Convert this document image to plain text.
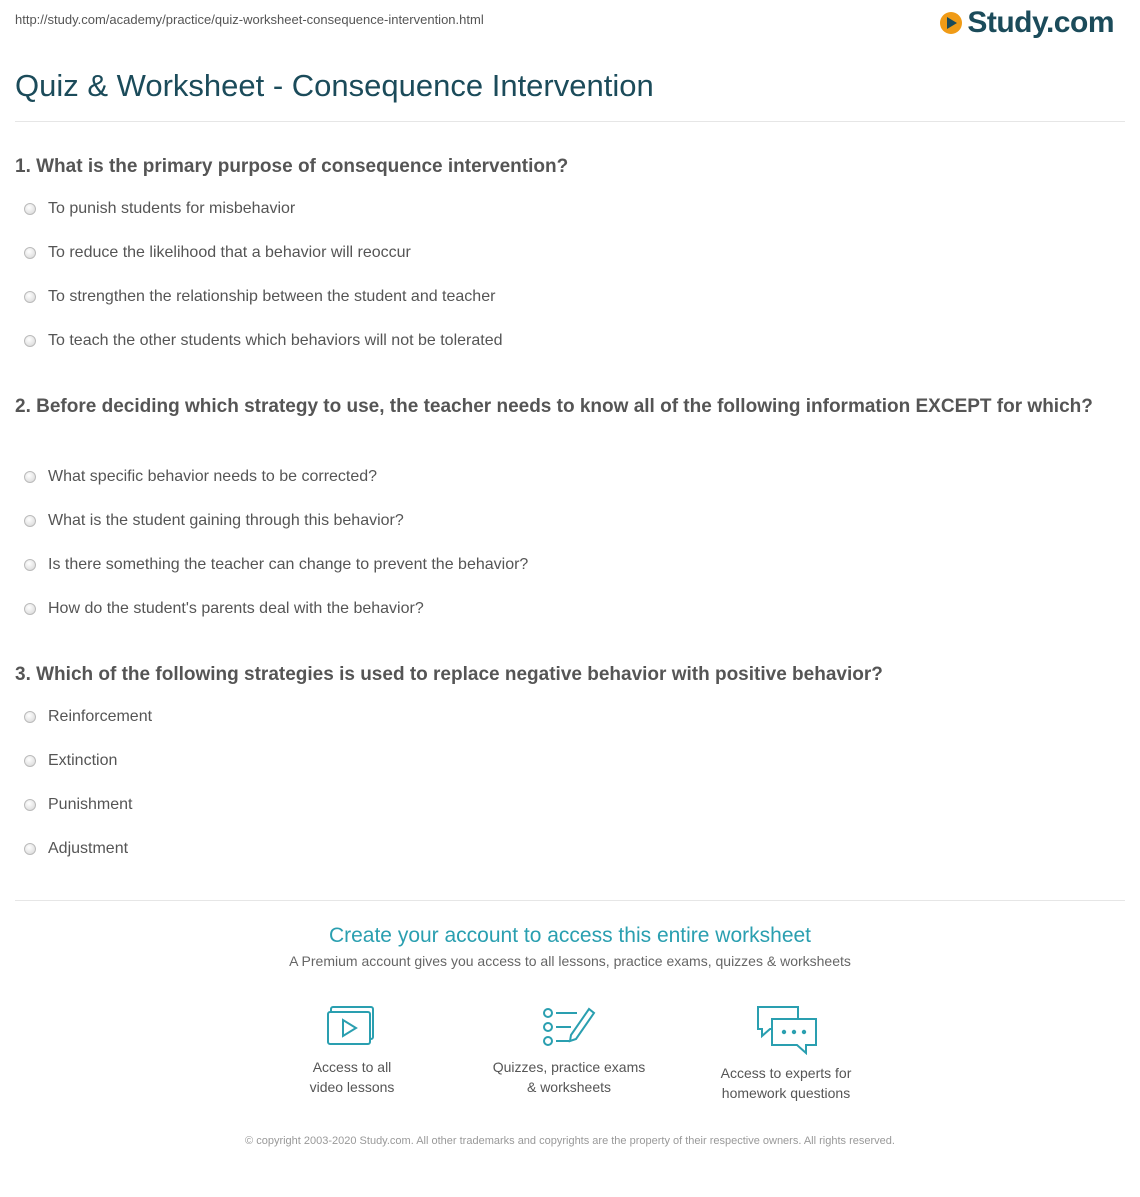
http://study.com/academy/practice/quiz-worksheet-consequence-intervention.html	Study.com
Quiz & Worksheet - Consequence Intervention
1. What is the primary purpose of consequence intervention?
To punish students for misbehavior
To reduce the likelihood that a behavior will reoccur
To strengthen the relationship between the student and teacher
To teach the other students which behaviors will not be tolerated
2. Before deciding which strategy to use, the teacher needs to know all of the following information EXCEPT for which?
What specific behavior needs to be corrected?
What is the student gaining through this behavior?
Is there something the teacher can change to prevent the behavior?
How do the student's parents deal with the behavior?
3. Which of the following strategies is used to replace negative behavior with positive behavior?
Reinforcement
Extinction
Punishment
Adjustment
Create your account to access this entire worksheet
A Premium account gives you access to all lessons, practice exams, quizzes & worksheets
Access to all
video lessons
Quizzes, practice exams
& worksheets
Access to experts for
homework questions
© copyright 2003-2020 Study.com. All other trademarks and copyrights are the property of their respective owners. All rights reserved.
